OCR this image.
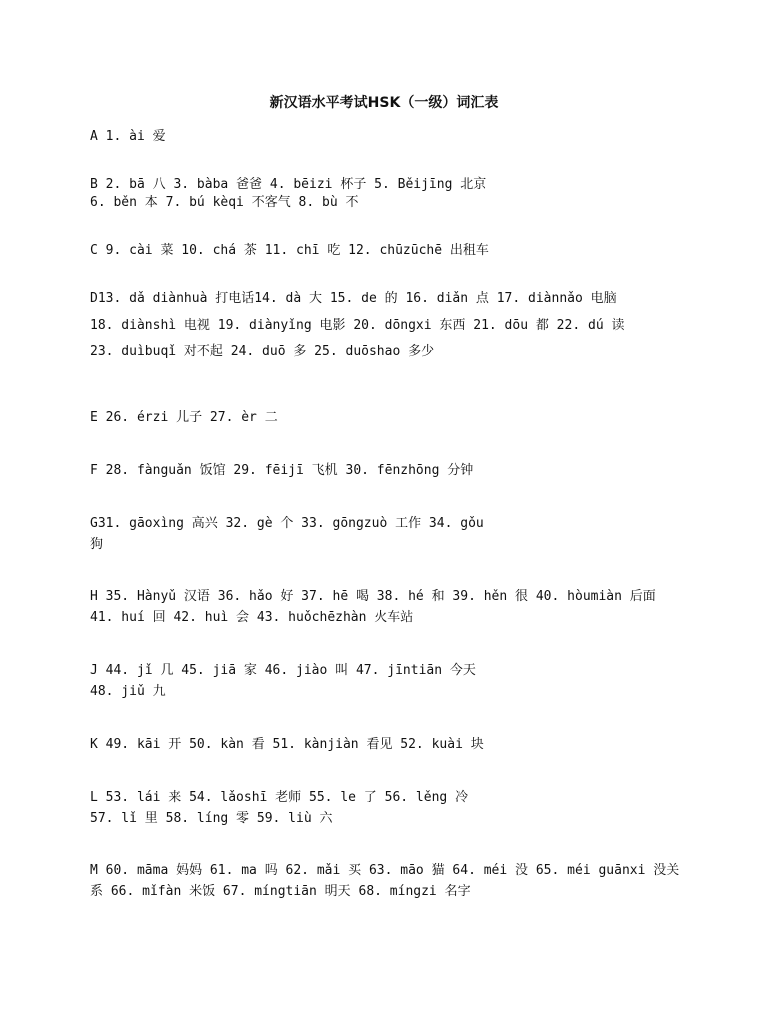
新汉语水平考试HSK（一级）词汇表
A 1. ài 爱
B 2. bā 八 3. bàba 爸爸 4. bēizi 杯子 5. Běijīng 北京
6. běn 本 7. bú kèqi 不客气 8. bù 不
C 9. cài 菜 10. chá 茶 11. chī 吃 12. chūzūchē 出租车
D13. dǎ diànhuà 打电话14. dà 大 15. de 的 16. diǎn 点 17. diànnǎo 电脑
18. diànshì 电视 19. diànyǐng 电影 20. dōngxi 东西 21. dōu 都 22. dú 读
23. duìbuqǐ 对不起 24. duō 多 25. duōshao 多少
E 26. érzi 儿子 27. èr 二
F 28. fànguǎn 饭馆 29. fēijī 飞机 30. fēnzhōng 分钟
G31. gāoxìng 高兴 32. gè 个 33. gōngzuò 工作 34. gǒu
狗
H 35. Hànyǔ 汉语 36. hǎo 好 37. hē 喝 38. hé 和 39. hěn 很 40. hòumiàn 后面
41. huí 回 42. huì 会 43. huǒchēzhàn 火车站
J 44. jǐ 几 45. jiā 家 46. jiào 叫 47. jīntiān 今天
48. jiǔ 九
K 49. kāi 开 50. kàn 看 51. kànjiàn 看见 52. kuài 块
L 53. lái 来 54. lǎoshī 老师 55. le 了 56. lěng 冷
57. lǐ 里 58. líng 零 59. liù 六
M 60. māma 妈妈 61. ma 吗 62. mǎi 买 63. māo 猫 64. méi 没 65. méi guānxi 没关
系 66. mǐfàn 米饭 67. míngtiān 明天 68. míngzi 名字
